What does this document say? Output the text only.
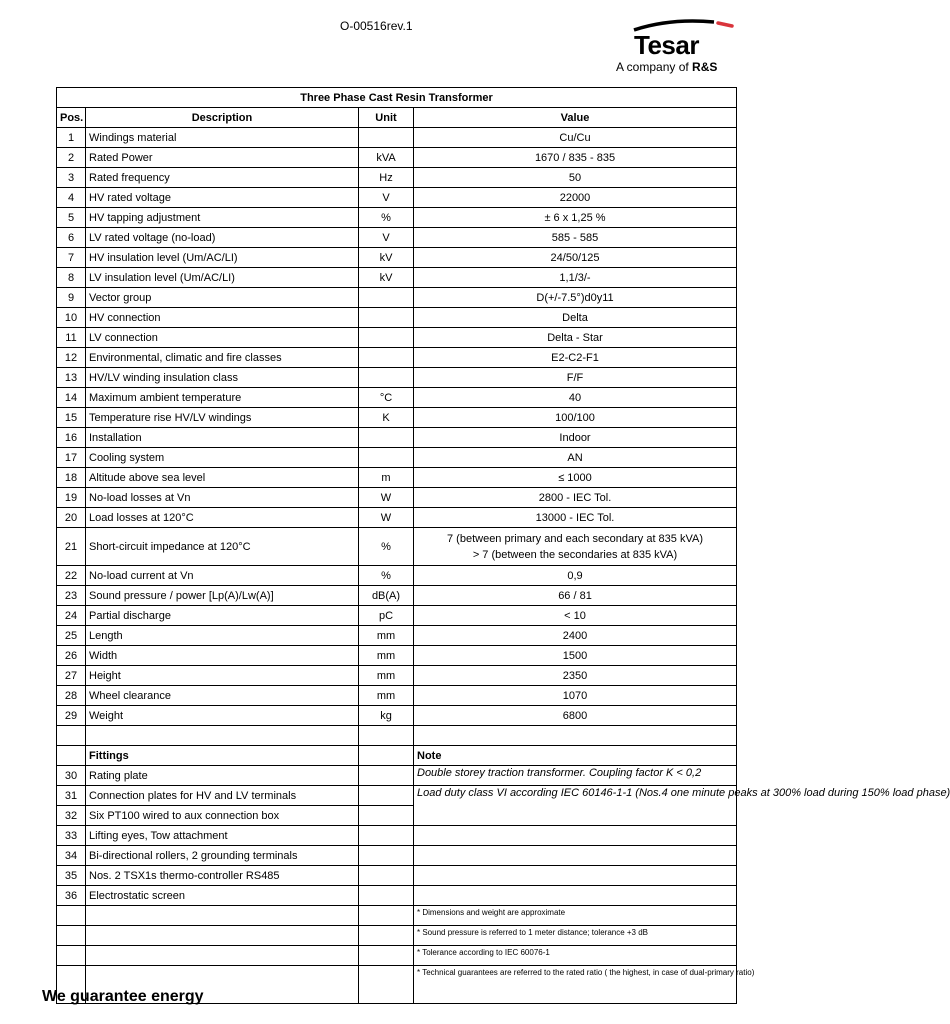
O-00516rev.1
Tesar
A company of R&S
Three Phase Cast Resin Transformer			
Pos.	Description	Unit	Value
1	Windings material		Cu/Cu
2	Rated Power	kVA	1670 / 835 - 835
3	Rated frequency	Hz	50
4	HV rated voltage	V	22000
5	HV tapping adjustment	%	± 6 x 1,25 %
6	LV rated voltage (no-load)	V	585 - 585
7	HV insulation level (Um/AC/LI)	kV	24/50/125
8	LV insulation level (Um/AC/LI)	kV	1,1/3/-
9	Vector group		D(+/-7.5°)d0y11
10	HV connection		Delta
11	LV connection		Delta - Star
12	Environmental, climatic and fire classes		E2-C2-F1
13	HV/LV winding insulation class		F/F
14	Maximum ambient temperature	°C	40
15	Temperature rise HV/LV windings	K	100/100
16	Installation		Indoor
17	Cooling system		AN
18	Altitude above sea level	m	≤ 1000
19	No-load losses at Vn	W	2800 - IEC Tol.
20	Load losses at 120°C	W	13000 - IEC Tol.
21	Short-circuit impedance at 120°C	%	7 (between primary and each secondary at 835 kVA)
> 7 (between the secondaries at 835 kVA)

22	No-load current at Vn	%	0,9
23	Sound pressure / power [Lp(A)/Lw(A)]	dB(A)	66 / 81
24	Partial discharge	pC	< 10
25	Length	mm	2400
26	Width	mm	1500
27	Height	mm	2350
28	Wheel clearance	mm	1070
29	Weight	kg	6800

	Fittings		Note
30	Rating plate		Double storey traction transformer. Coupling factor K < 0,2
31	Connection plates for HV and LV terminals		Load duty class VI according IEC 60146-1-1 (Nos.4 one minute peaks at 300% load during 150% load phase)
32	Six PT100 wired to aux connection box		
33	Lifting eyes, Tow attachment		
34	Bi-directional rollers, 2 grounding terminals		
35	Nos. 2 TSX1s thermo-controller RS485		
36	Electrostatic screen		
			* Dimensions and weight are approximate
			* Sound pressure is referred to 1 meter distance; tolerance +3 dB
			* Tolerance according to IEC 60076-1
			* Technical guarantees are referred to the rated ratio ( the highest, in case of dual-primary ratio)
We guarantee energy
